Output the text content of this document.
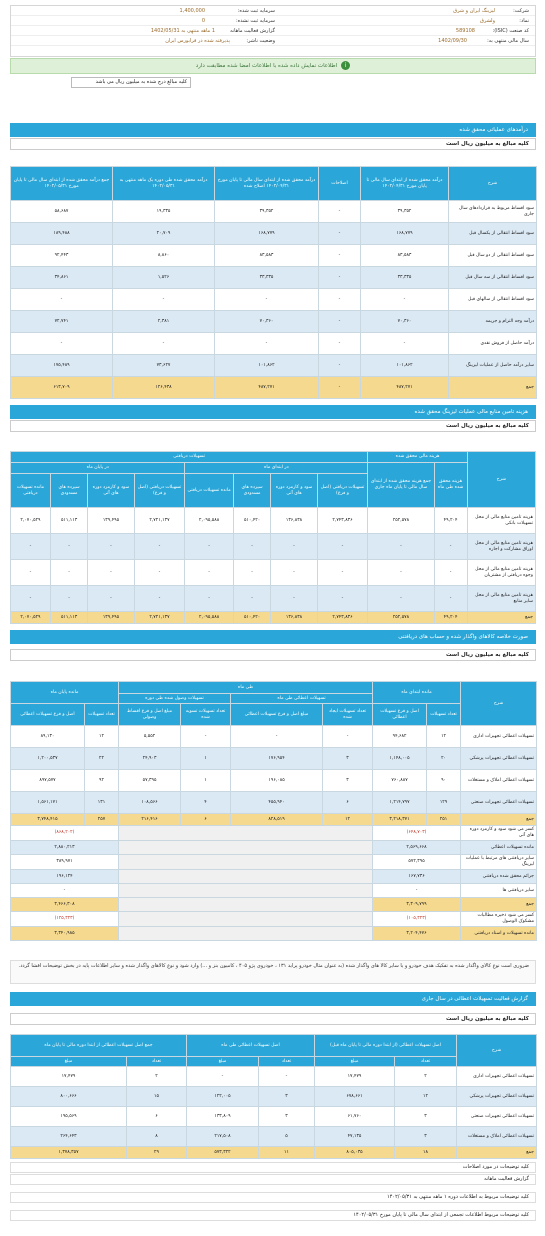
شرکت:
لیزینگ ایران و شرق
سرمایه ثبت شده:
1,400,000
نماد:
ولشرق
سرمایه ثبت نشده:
0
کد صنعت (ISIC):
589108
گزارش فعالیت ماهانه
1 ماهه منتهی به 1402/05/31
سال مالی منتهی به:
1402/09/30
وضعیت ناشر:
پذیرفته شده در فرابورس ایران
iاطلاعات نمایش داده شده با اطلاعات امضا شده مطابقت دارد
کلیه مبالغ درج شده به میلیون ریال می باشد
درآمدهای عملیاتی محقق شده
کلیه مبالغ به میلیون ریال است
شرح	درآمد محقق شده از ابتدای سال مالی تا پایان مورخ ۱۴۰۲/۰۴/۳۱	اصلاحات	درآمد محقق شده از ابتدای سال مالی تا پایان مورخ ۱۴۰۲/۰۴/۳۱ اصلاح شده	درآمد محقق شده طی دوره یک ماهه منتهی به ۱۴۰۲/۰۵/۳۱	جمع درآمد محقق شده از ابتدای سال مالی تا پایان مورخ ۱۴۰۲/۰۵/۳۱
سود اقساط مربوط به قراردادهای سال جاری	۳۹,۳۵۲	-	۳۹,۳۵۲	۱۹,۳۳۵	۵۸,۶۸۷
سود اقساط انتقالی از یکسال قبل	۱۶۸,۷۷۹	-	۱۶۸,۷۷۹	۲۰,۷۰۹	۱۸۹,۴۸۸
سود اقساط انتقالی از دو سال قبل	۸۳,۵۸۳	-	۸۳,۵۸۳	۸,۸۶۰	۹۲,۴۴۳
سود اقساط انتقالی از سه سال قبل	۳۳,۳۳۵	-	۳۳,۳۳۵	۱,۵۲۶	۳۴,۸۶۱
سود اقساط انتقالی از سالهای قبل	-	-	-	-	-
درآمد وجه التزام و جریمه	۷۰,۳۶۰	-	۷۰,۳۶۰	۲,۳۸۱	۷۲,۷۴۱
درآمد حاصل از فروش نقدی	-	-	-	-	-
سایر درآمد حاصل از عملیات لیزینگ	۱۰۱,۸۶۲	-	۱۰۱,۸۶۲	۷۳,۶۲۷	۱۷۵,۴۸۹
جمع	۴۸۷,۲۷۱	-	۴۸۷,۲۷۱	۱۲۶,۴۳۸	۶۱۳,۷۰۹
هزینه تامین منابع مالی عملیات لیزینگ محقق شده
کلیه مبالغ به میلیون ریال است
شرح	هزینه مالی محقق شده		تسهیلات دریافتی							
	هزینه محقق شده طی ماه	جمع هزینه محقق شده از ابتدای سال مالی تا پایان ماه جاری	در ابتدای ماه				در پایان ماه			
			تسهیلات دریافتی (اصل و فرع)	سود و کارمزد دوره های آتی	سپرده های مسدودی	مانده تسهیلات دریافتی	تسهیلات دریافتی (اصل و فرع)	سود و کارمزد دوره های آتی	سپرده های مسدودی	مانده تسهیلات دریافتی
هزینه تامین منابع مالی از محل تسهیلات بانکی	۴۹,۲۰۴	۲۵۲,۵۷۸	۲,۷۴۳,۸۳۶	۱۳۶,۸۳۸	۵۱۰,۴۲۰	۲,۰۹۵,۵۸۸	۲,۷۲۱,۱۳۷	۱۳۹,۴۹۵	۵۱۱,۱۱۳	۲,۰۷۰,۵۲۹
هزینه تامین منابع مالی از محل اوراق مشارکت و اجاره	-	-	-	-	-	-	-	-	-	-
هزینه تامین منابع مالی از محل وجوه دریافتی از مشتریان	-	-	-	-	-	-	-	-	-	-
هزینه تامین منابع مالی از محل سایر منابع	-	-	-	-	-	-	-	-	-	-
جمع	۴۹,۲۰۴	۲۵۲,۵۷۸	۲,۷۴۳,۸۳۶	۱۳۶,۸۳۸	۵۱۰,۴۲۰	۲,۰۹۵,۵۸۸	۲,۷۲۱,۱۳۷	۱۳۹,۴۹۵	۵۱۱,۱۱۳	۲,۰۷۰,۵۲۹
صورت خلاصه کالاهای واگذار شده و حساب های دریافتنی
کلیه مبالغ به میلیون ریال است
شرح	مانده ابتدای ماه		طی ماه				مانده پایان ماه	
			تسهیلات اعطائی طی ماه		تسهیلات وصول شده طی دوره			
	تعداد تسهیلات	اصل و فرع تسهیلات اعطائی	تعداد تسهیلات ایجاد شده	مبلغ اصل و فرع تسهیلات اعطائی	تعداد تسهیلات تسویه شده	مبلغ اصل و فرع اقساط وصولی	تعداد تسهیلات	اصل و فرع تسهیلات اعطائی
تسهیلات اعطائی تجهیزات اداری	۱۲	۹۴,۶۸۲	-	-	-	۵,۵۵۲	۱۲	۸۹,۱۳۰
تسهیلات اعطائی تجهیزات پزشکی	۲۰	۱,۱۴۸,۰۰۵	۳	۱۷۶,۹۵۴	۱	۲۴,۹۰۳	۲۲	۱,۲۰۰,۵۳۷
تسهیلات اعطائی املاک و مستغلات	۹۰	۷۶۰,۸۸۷	۳	۱۹۶,۰۸۵	۱	۵۷,۳۹۵	۹۲	۸۹۷,۵۷۷
تسهیلات اعطائی تجهیزات صنعتی	۱۲۹	۱,۲۱۴,۷۹۷	۶	۴۵۵,۹۴۰	۴	۱۰۸,۵۶۶	۱۳۱	۱,۵۶۱,۱۷۱
جمع	۲۵۱	۳,۲۱۸,۳۷۱	۱۲	۸۲۸,۵۱۹	۶	۲۱۶,۴۱۶	۲۵۷	۳,۷۴۸,۴۱۵
کسر می شود سود و کارمزد دوره های آتی	(۶۴۸,۷۰۳)						(۸۶۸,۲۰۲)	
مانده تسهیلات اعطائی	۲,۵۶۹,۶۶۸						۲,۸۸۰,۲۱۳	
سایر دریافتنی های مرتبط با عملیات لیزینگ	۵۷۲,۳۹۵						۳۸۹,۹۷۱	
جرائم محقق شده دریافتنی	۱۶۷,۷۳۶						۱۹۶,۱۲۴	
سایر دریافتنی ها	-						-	
جمع	۳,۳۰۹,۷۹۹						۳,۴۶۶,۳۰۸	
کسر می شود ذخیره مطالبات مشکوک الوصول	(۱۰۵,۳۲۳)						(۱۲۵,۳۲۳)	
مانده تسهیلات و اسناد دریافتنی	۳,۲۰۴,۴۷۶						۳,۳۴۰,۹۸۵	
ضروری است نوع کالای واگذار شده به تفکیک هدف خودرو و یا سایر کالا های واگذار شده (به عنوان مثال خودرو پراید ۱۳۱ ، خودروی پژو ۴۰۵ ، کامیون بنز و ...) وارد شود و نوع کالاهای واگذار شده و سایر اطلاعات پایه در بخش توضیحات افشا گردد.
گزارش فعالیت تسهیلات اعطائی در سال جاری
کلیه مبالغ به میلیون ریال است
شرح	اصل تسهیلات اعطائی (از ابتدا دوره مالی تا پایان ماه قبل)		اصل تسهیلات اعطائی طی ماه		جمع اصل تسهیلات اعطائی از ابتدا دوره مالی تا پایان ماه	
	تعداد	مبلغ	تعداد	مبلغ	تعداد	مبلغ
تسهیلات اعطائی تجهیزات اداری	۲	۱۷,۴۷۹	-	-	۲	۱۷,۴۷۹
تسهیلات اعطائی تجهیزات پزشکی	۱۲	۶۷۸,۶۶۱	۳	۱۲۲,۰۰۵	۱۵	۸۰۰,۶۶۶
تسهیلات اعطائی تجهیزات صنعتی	۳	۶۱,۷۶۰	۳	۱۳۳,۸۰۹	۶	۱۹۵,۵۶۹
تسهیلات اعطائی املاک و مستغلات	۳	۴۷,۱۳۵	۵	۲۱۷,۵۰۸	۸	۲۶۴,۶۴۳
جمع	۱۸	۸۰۵,۰۳۵	۱۱	۵۷۳,۳۲۲	۲۹	۱,۳۷۸,۳۵۷
کلیه توضیحات در مورد اصلاحات
گزارش فعالیت ماهانه
کلیه توضیحات مربوط به اطلاعات دوره ۱ ماهه منتهی به ۱۴۰۲/۰۵/۳۱
کلیه توضیحات مربوط اطلاعات تجمعی از ابتدای سال مالی تا پایان مورخ ۱۴۰۲/۰۵/۳۱
